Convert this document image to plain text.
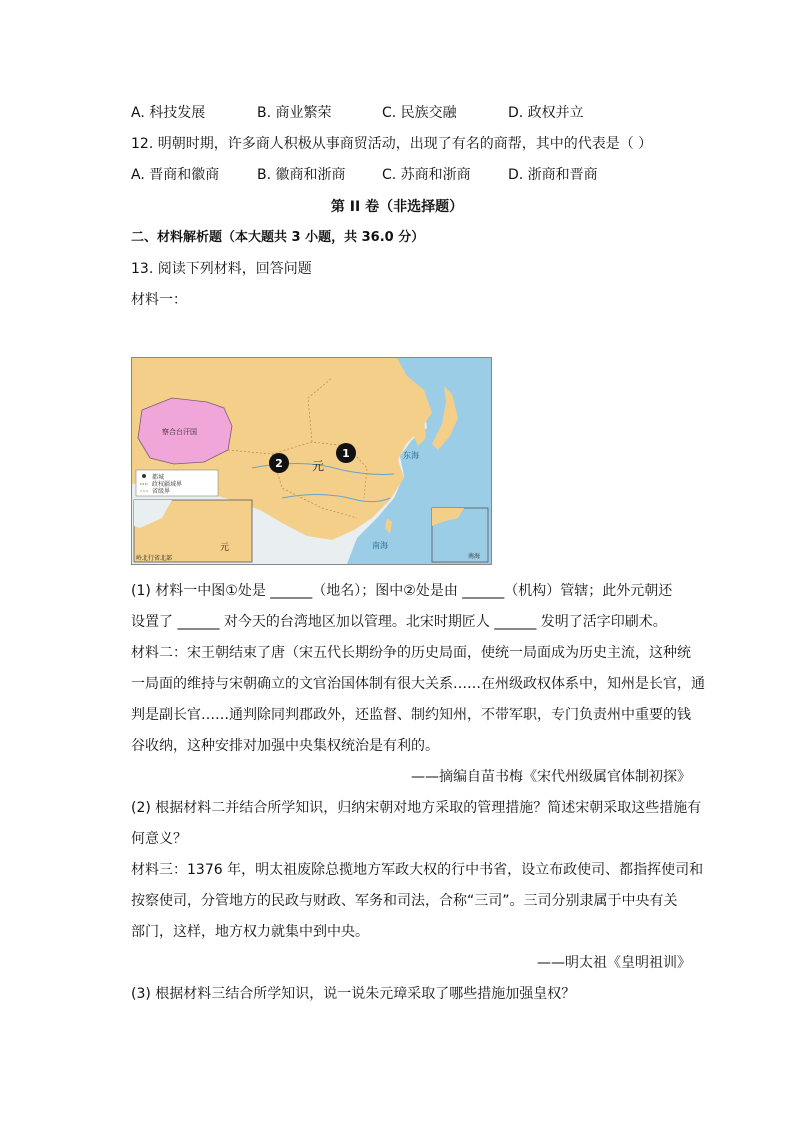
A. 科技发展	B. 商业繁荣	C. 民族交融	D. 政权并立
12. 明朝时期，许多商人积极从事商贸活动，出现了有名的商帮，其中的代表是（ ）
A. 晋商和徽商	B. 徽商和浙商	C. 苏商和浙商	D. 浙商和晋商
第 II 卷（非选择题）
二、材料解析题（本大题共 3 小题，共 36.0 分）
13. 阅读下列材料，回答问题
材料一：
都城
政权疆域界
省级界
元
岭北行省北部	南海
察合台汗国
元
东海
南海
1
2
(1) 材料一中图①处是 ______（地名）；图中②处是由 ______（机构）管辖；此外元朝还
设置了 ______ 对今天的台湾地区加以管理。北宋时期匠人 ______ 发明了活字印刷术。
材料二：宋王朝结束了唐（宋五代长期纷争的历史局面，使统一局面成为历史主流，这种统
一局面的维持与宋朝确立的文官治国体制有很大关系……在州级政权体系中，知州是长官，通
判是副长官……通判除同判郡政外，还监督、制约知州，不带军职，专门负责州中重要的钱
谷收纳，这种安排对加强中央集权统治是有利的。
——摘编自苗书梅《宋代州级属官体制初探》
(2) 根据材料二并结合所学知识，归纳宋朝对地方采取的管理措施？简述宋朝采取这些措施有
何意义？
材料三：1376 年，明太祖废除总揽地方军政大权的行中书省，设立布政使司、都指挥使司和
按察使司，分管地方的民政与财政、军务和司法，合称“三司”。三司分别隶属于中央有关
部门，这样，地方权力就集中到中央。
——明太祖《皇明祖训》
(3) 根据材料三结合所学知识，说一说朱元璋采取了哪些措施加强皇权？
